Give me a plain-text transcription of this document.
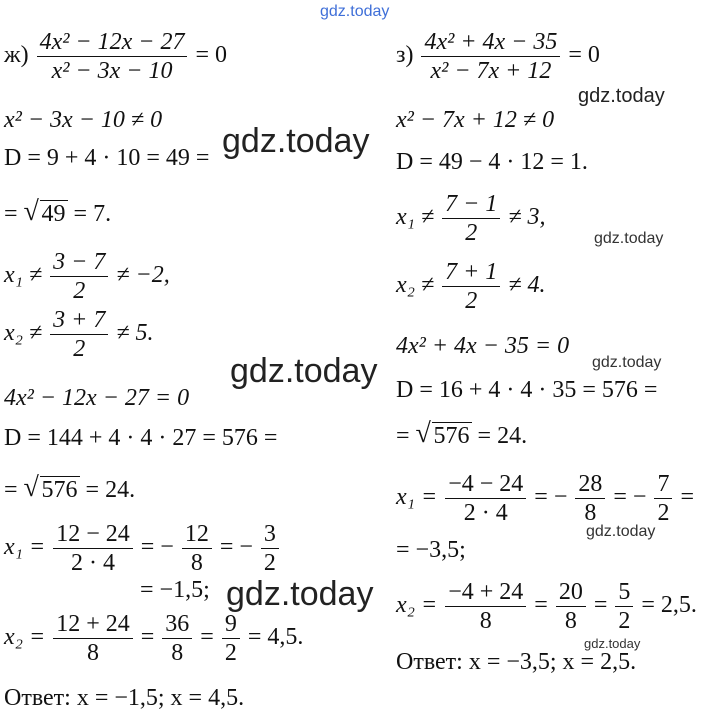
gdz.today
gdz.today
gdz.today
gdz.today
gdz.today
gdz.today
gdz.today
gdz.today
gdz.today
$ж) \frac{\text{4x² − 12x − 27}}{\text{x² − 3x − 10}} = 0$
x² − 3x − 10 ≠ 0
D = 9 + 4 · 10 = 49 =
= √ 49 = 7.
$x_1 \ne \frac{3 - 7}{2} \ne -2$,
$x_2 \ne \frac{3 + 7}{2} \ne 5$.
4x² − 12x − 27 = 0
D = 144 + 4 · 4 · 27 = 576 =
= √ 576 = 24.
$x_1 = \frac{12 - 24}{2 \cdot 4}$ = − $\frac{12}{8}$ = − $\frac{3}{2}$
= −1,5;
$x_2 = \frac{12 + 24}{8} = \frac{36}{8} = \frac{9}{2} = 4,5$.
Ответ: x = −1,5; x = 4,5.
$з) \frac{\text{4x² + 4x − 35}}{\text{x² − 7x + 12}} = 0$
x² − 7x + 12 ≠ 0
D = 49 − 4 · 12 = 1.
$x_1 \ne \frac{7 - 1}{2} \ne 3$,
$x_2 \ne \frac{7 + 1}{2} \ne 4$.
4x² + 4x − 35 = 0
D = 16 + 4 · 4 · 35 = 576 =
= √ 576 = 24.
$x_1 = \frac{-4 - 24}{2 \cdot 4}$ = − $\frac{28}{8}$ = − $\frac{7}{2}$ =
= −3,5;
$x_2 = \frac{-4 + 24}{8} = \frac{20}{8} = \frac{5}{2} = 2,5$.
Ответ: x = −3,5; x = 2,5.
